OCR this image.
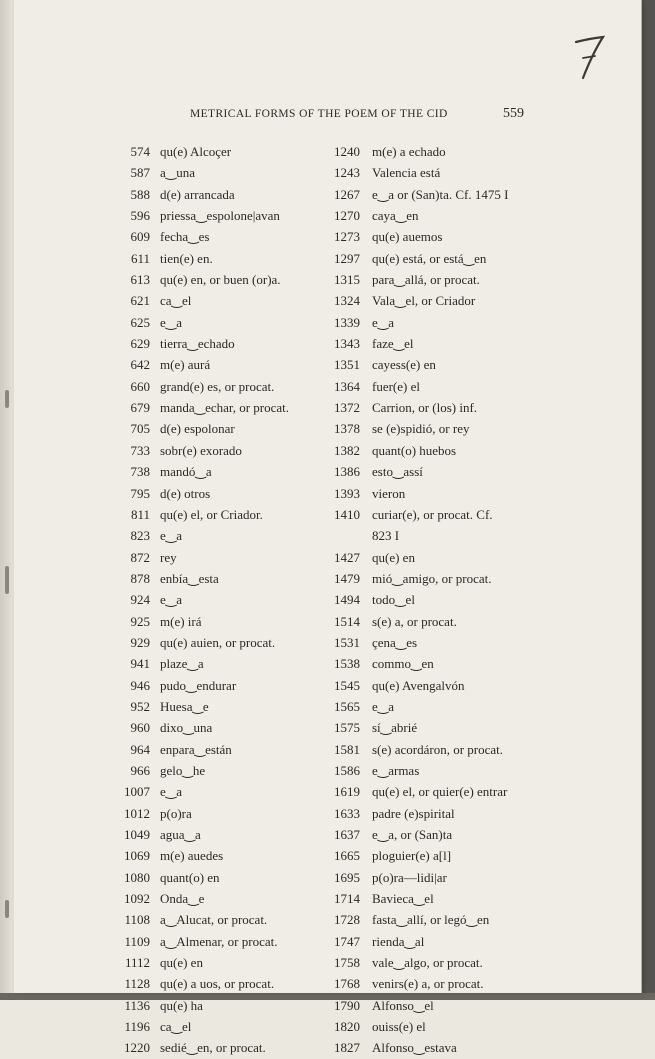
METRICAL FORMS OF THE POEM OF THE CID	559
574 qu(e) Alcoçer
587 a‿una
588 d(e) arrancada
596 priessa‿espolone|avan
609 fecha‿es
611 tien(e) en.
613 qu(e) en, or buen (or)a.
621 ca‿el
625 e‿a
629 tierra‿echado
642 m(e) aurá
660 grand(e) es, or procat.
679 manda‿echar, or procat.
705 d(e) espolonar
733 sobr(e) exorado
738 mandó‿a
795 d(e) otros
811 qu(e) el, or Criador.
823 e‿a
872 rey
878 enbía‿esta
924 e‿a
925 m(e) irá
929 qu(e) auien, or procat.
941 plaze‿a
946 pudo‿endurar
952 Huesa‿e
960 dixo‿una
964 enpara‿están
966 gelo‿he
1007 e‿a
1012 p(o)ra
1049 agua‿a
1069 m(e) auedes
1080 quant(o) en
1092 Onda‿e
1108 a‿Alucat, or procat.
1109 a‿Almenar, or procat.
1112 qu(e) en
1128 qu(e) a uos, or procat.
1136 qu(e) ha
1196 ca‿el
1220 sedié‿en, or procat.
1240 m(e) a echado
1243 Valencia está
1267 e‿a or (San)ta. Cf. 1475 I
1270 caya‿en
1273 qu(e) auemos
1297 qu(e) está, or está‿en
1315 para‿allá, or procat.
1324 Vala‿el, or Criador
1339 e‿a
1343 faze‿el
1351 cayess(e) en
1364 fuer(e) el
1372 Carrion, or (los) inf.
1378 se (e)spidió, or rey
1382 quant(o) huebos
1386 esto‿assí
1393 vieron
1410 curiar(e), or procat. Cf.
823 I
1427 qu(e) en
1479 mió‿amigo, or procat.
1494 todo‿el
1514 s(e) a, or procat.
1531 çena‿es
1538 commo‿en
1545 qu(e) Avengalvón
1565 e‿a
1575 sí‿abrié
1581 s(e) acordáron, or procat.
1586 e‿armas
1619 qu(e) el, or quier(e) entrar
1633 padre (e)spirital
1637 e‿a, or (San)ta
1665 ploguier(e) a[l]
1695 p(o)ra—lidi|ar
1714 Bavieca‿el
1728 fasta‿allí, or legó‿en
1747 rienda‿al
1758 vale‿algo, or procat.
1768 venirs(e) a, or procat.
1790 Alfonso‿el
1820 ouiss(e) el
1827 Alfonso‿estava
